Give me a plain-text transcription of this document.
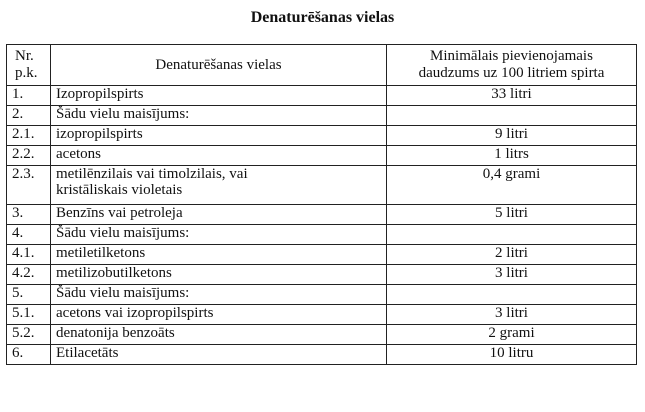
Denaturēšanas vielas
Nr.
p.k.	Denaturēšanas vielas	Minimālais pievienojamais
daudzums uz 100 litriem spirta
1.	Izopropilspirts	33 litri
2.	Šādu vielu maisījums:	
2.1.	izopropilspirts	9 litri
2.2.	acetons	1 litrs
2.3.	metilēnzilais vai timolzilais, vai
kristāliskais violetais	0,4 grami
3.	Benzīns vai petroleja	5 litri
4.	Šādu vielu maisījums:	
4.1.	metiletilketons	2 litri
4.2.	metilizobutilketons	3 litri
5.	Šādu vielu maisījums:	
5.1.	acetons vai izopropilspirts	3 litri
5.2.	denatonija benzoāts	2 grami
6.	Etilacetāts	10 litru
